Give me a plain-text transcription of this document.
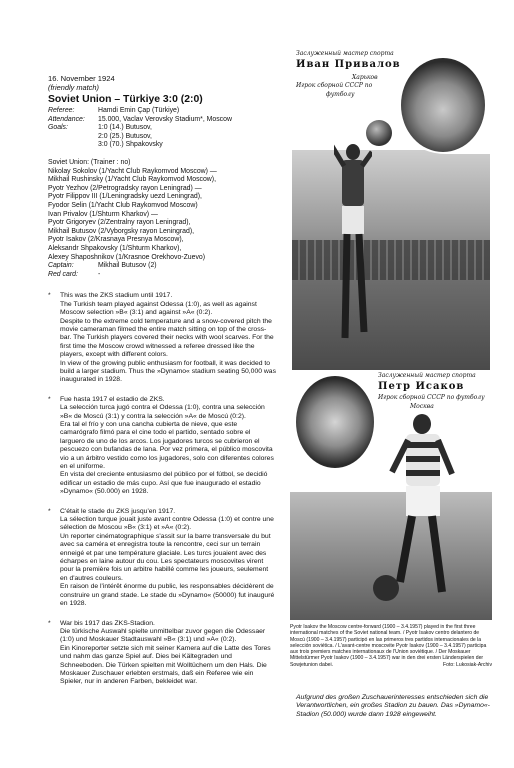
16. November 1924
(friendly match)
Soviet Union – Türkiye 3:0 (2:0)
Referee:	Hamdi Emin Çap (Türkiye)
Attendance:	15.000, Vaclav Verovsky Stadium*, Moscow
Goals:	1:0 (14.) Butusov,
2:0 (25.) Butusov,
3:0 (70.) Shpakovsky
Soviet Union: (Trainer : no)
Nikolay Sokolov (1/Yacht Club Raykomvod Moscow) —
Mikhail Rushinsky (1/Yacht Club Raykomvod Moscow),
Pyotr Yezhov (2/Petrogradsky rayon Leningrad) —
Pyotr Filippov III (1/Leningradsky uezd Leningrad),
Fyodor Selin (1/Yacht Club Raykomvod Moscow)
Ivan Privalov (1/Shturm Kharkov) —
Pyotr Grigoryev (2/Zentralny rayon Leningrad),
Mikhail Butusov (2/Vyborgsky rayon Leningrad),
Pyotr Isakov (2/Krasnaya Presnya Moscow),
Aleksandr Shpakovsky (1/Shturm Kharkov),
Alexey Shaposhnikov (1/Krasnoe Orekhovo-Zuevo)
Captain:	Mikhail Butusov (2)
Red card:	-
* This was the ZKS stadium until 1917.
The Turkish team played against Odessa (1:0), as well as against Moscow selection »B« (3:1) and against »A« (0:2).
Despite to the extreme cold temperature and a snow-covered pitch the movie cameraman filmed the entire match sitting on top of the cross-bar. The Turkish players covered their necks with wool scarves. For the first time the Moscow crowd witnessed a referee dressed like the players, except with different colors.
In view of the growing public enthusiasm for football, it was decided to build a larger stadium. Thus the »Dynamo« stadium seating 50,000 was inaugurated in 1928.
* Fue hasta 1917 el estadio de ZKS.
La selección turca jugó contra el Odessa (1:0), contra una selección »B« de Moscú (3:1) y contra la selección »A« de Moscú (0:2).
Era tal el frío y con una cancha cubierta de nieve, que este camarógrafo filmó para el cine todo el partido, sentado sobre el larguero de uno de los arcos. Los jugadores turcos se cubrieron el pescuezo con bufandas de lana. Por vez primera, el público moscovita vio a un árbitro vestido como los jugadores, solo con diferentes colores en el uniforme.
En vista del creciente entusiasmo del público por el fútbol, se decidió edificar un estadio de más cupo. Así que fue inaugurado el estadio »Dynamo« (50.000) en 1928.
* C'était le stade du ZKS jusqu'en 1917.
La sélection turque jouait juste avant contre Odessa (1:0) et contre une sélection de Moscou »B« (3:1) et »A« (0:2).
Un reporter cinématographique s'assit sur la barre transversale du but avec sa caméra et enregistra toute la rencontre, ceci sur un terrain enneigé et par une température glaciale. Les turcs jouaient avec des écharpes en laine autour du cou. Les spectateurs moscovites virent pour la première fois un arbitre habillé comme les joueurs, seulement en d'autres couleurs.
En raison de l'intérêt énorme du public, les responsables décidèrent de construire un grand stade. Le stade du »Dynamo« (50000) fut inauguré en 1928.
* War bis 1917 das ZKS-Stadion.
Die türkische Auswahl spielte unmittelbar zuvor gegen die Odessaer (1:0) und Moskauer Stadtauswahl »B« (3:1) und »A« (0:2).
Ein Kinoreporter setzte sich mit seiner Kamera auf die Latte des Tores und nahm das ganze Spiel auf. Dies bei Kältegraden und Schneeboden. Die Türken spielten mit Wolltüchern um den Hals. Die Moskauer Zuschauer erlebten erstmals, daß ein Referee wie ein Spieler, nur in anderen Farben, bekleidet war.
Заслуженный мастер спорта
Иван Привалов
Харьков
Игрок сборной СССР по
футболу
Заслуженный мастер спорта
Петр Исаков
Игрок сборной СССР по футболу
Москва
Pyotr Isakov the Moscow centre-forward (1900 – 3.4.1957) played in the first three international matches of the Soviet national team. / Pyotr Isakov centro delantero de Moscú (1900 – 3.4.1957) participó en las primeros tres partidos internacionales de la selección soviética. / L'avant-centre moscovite Pyotr Isakov (1900 – 3.4.1957) participa aux trois premiers matches internationaux de l'Union soviétique. / Der Moskauer Mittelstürmer Pyotr Isakov (1900 – 3.4.1957) war in den drei ersten Länderspielen der Sowjetunion dabei.	Foto: Lukosiak-Archiv
Aufgrund des großen Zuschauerinteresses entschieden sich die Verantwortlichen, ein großes Stadion zu bauen. Das »Dynamo«-Stadion (50.000) wurde dann 1928 eingeweiht.
